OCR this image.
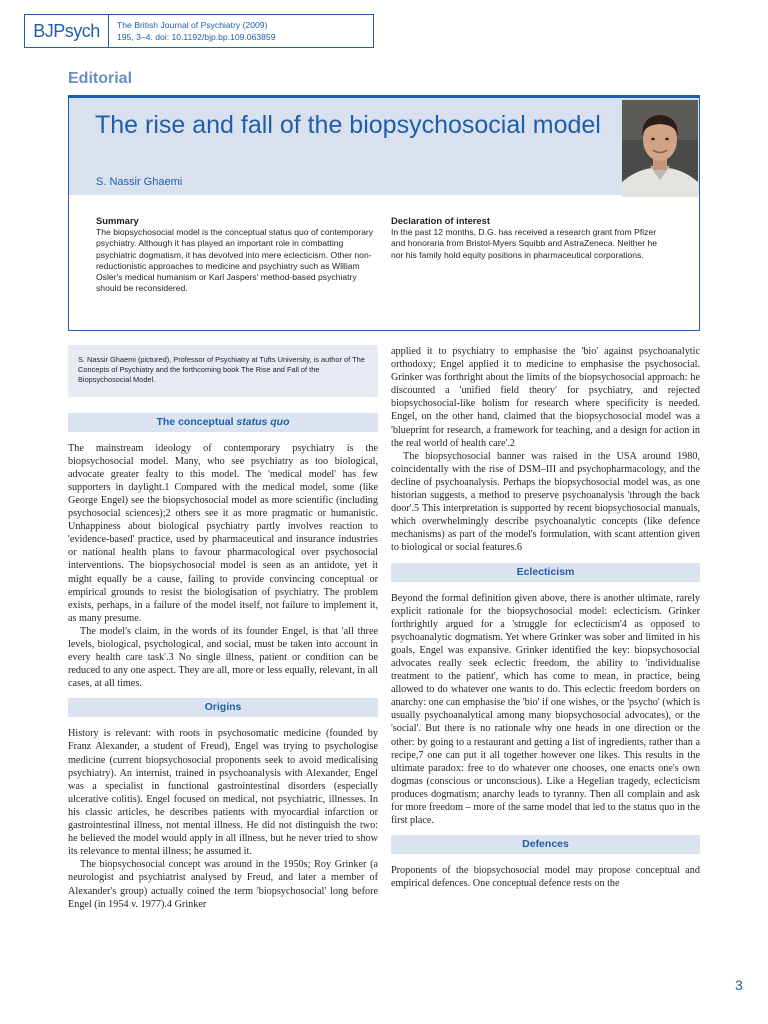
BJPsych	The British Journal of Psychiatry (2009)
195, 3–4. doi: 10.1192/bjp.bp.109.063859
Editorial
The rise and fall of the biopsychosocial model
S. Nassir Ghaemi
Summary
The biopsychosocial model is the conceptual status quo of contemporary psychiatry. Although it has played an important role in combatting psychiatric dogmatism, it has devolved into mere eclecticism. Other non-reductionistic approaches to medicine and psychiatry such as William Osler's medical humanism or Karl Jaspers' method-based psychiatry should be reconsidered.
Declaration of interest
In the past 12 months, D.G. has received a research grant from Pfizer and honoraria from Bristol-Myers Squibb and AstraZeneca. Neither he nor his family hold equity positions in pharmaceutical corporations.
S. Nassir Ghaemi (pictured), Professor of Psychiatry at Tufts University, is author of The Concepts of Psychiatry and the forthcoming book The Rise and Fall of the Biopsychosocial Model.
The conceptual status quo

The mainstream ideology of contemporary psychiatry is the biopsychosocial model. Many, who see psychiatry as too biological, advocate greater fealty to this model. The 'medical model' has few supporters in daylight.1 Compared with the medical model, some (like George Engel) see the biopsychosocial model as more scientific (including psychosocial sciences);2 others see it as more pragmatic or humanistic. Unhappiness about biological psychiatry partly involves reaction to 'evidence-based' practice, used by pharmaceutical and insurance industries or national health plans to favour pharmacological over psychosocial interventions. The biopsychosocial model is seen as an antidote, yet it might equally be a cause, failing to provide convincing conceptual or empirical grounds to resist the biologisation of psychiatry. The problem exists, perhaps, in a failure of the model itself, not failure to implement it, as many presume.

The model's claim, in the words of its founder Engel, is that 'all three levels, biological, psychological, and social, must be taken into account in every health care task'.3 No single illness, patient or condition can be reduced to any one aspect. They are all, more or less equally, relevant, in all cases, at all times.

Origins

History is relevant: with roots in psychosomatic medicine (founded by Franz Alexander, a student of Freud), Engel was trying to psychologise medicine (current biopsychosocial proponents seek to avoid medicalising psychiatry). An internist, trained in psychoanalysis with Alexander, Engel was a specialist in functional gastrointestinal disorders (especially ulcerative colitis). Engel focused on medical, not psychiatric, illnesses. In his classic articles, he describes patients with myocardial infarction or gastrointestinal illness, not mental illness. He did not distinguish the two: he believed the model would apply in all illness, but he never tried to show its relevance to mental illness; he assumed it.

The biopsychosocial concept was around in the 1950s; Roy Grinker (a neurologist and psychiatrist analysed by Freud, and later a member of Alexander's group) actually coined the term 'biopsychosocial' long before Engel (in 1954 v. 1977).4 Grinker

applied it to psychiatry to emphasise the 'bio' against psychoanalytic orthodoxy; Engel applied it to medicine to emphasise the psychosocial. Grinker was forthright about the limits of the biopsychosocial approach: he discounted a 'unified field theory' for psychiatry, and rejected biopsychosocial-like holism for research where specificity is needed. Engel, on the other hand, claimed that the biopsychosocial model was a 'blueprint for research, a framework for teaching, and a design for action in the real world of health care'.2

The biopsychosocial banner was raised in the USA around 1980, coincidentally with the rise of DSM–III and psychopharmacology, and the decline of psychoanalysis. Perhaps the biopsychosocial model was, as one historian suggests, a method to preserve psychoanalysis 'through the back door'.5 This interpretation is supported by recent biopsychosocial manuals, which overwhelmingly describe psychoanalytic concepts (like defence mechanisms) as part of the model's formulation, with scant attention given to biological or social features.6

Eclecticism

Beyond the formal definition given above, there is another ultimate, rarely explicit rationale for the biopsychosocial model: eclecticism. Grinker forthrightly argued for a 'struggle for eclecticism'4 as opposed to psychoanalytic dogmatism. Yet where Grinker was sober and limited in his goals, Engel was expansive. Grinker identified the key: biopsychosocial advocates really seek eclectic freedom, the ability to 'individualise treatment to the patient', which has come to mean, in practice, being allowed to do whatever one wants to do. This eclectic freedom borders on anarchy: one can emphasise the 'bio' if one wishes, or the 'psycho' (which is usually psychoanalytical among many biopsychosocial advocates), or the 'social'. But there is no rationale why one heads in one direction or the other: by going to a restaurant and getting a list of ingredients, rather than a recipe,7 one can put it all together however one likes. This results in the ultimate paradox: free to do whatever one chooses, one enacts one's own dogmas (conscious or unconscious). Like a Hegelian tragedy, eclecticism produces dogmatism; anarchy leads to tyranny. Then all complain and ask for more freedom – more of the same model that led to the status quo in the first place.

Defences

Proponents of the biopsychosocial model may propose conceptual and empirical defences. One conceptual defence rests on the

3
